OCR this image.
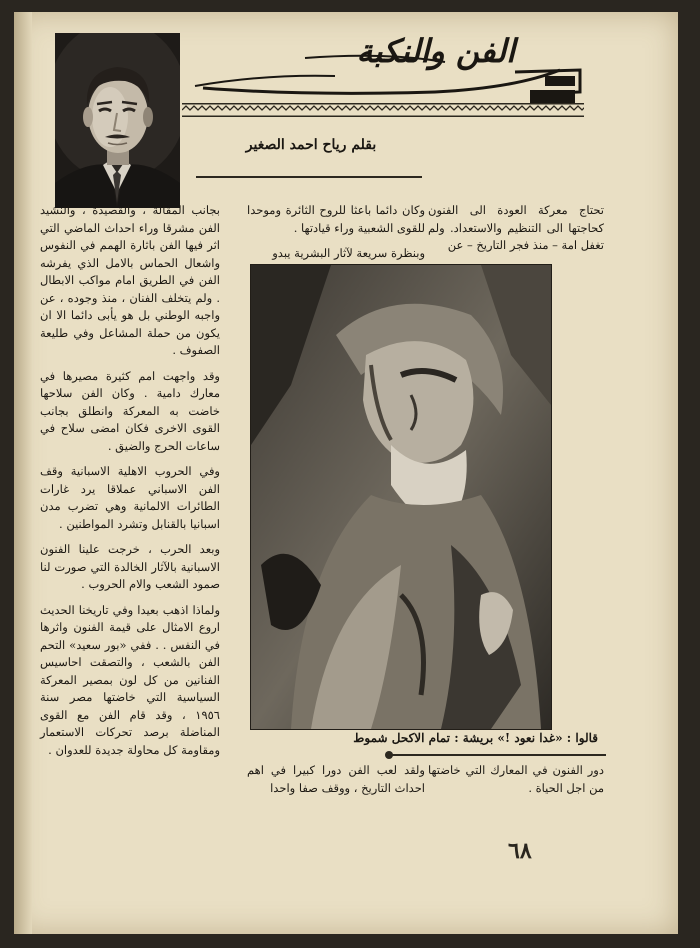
الفن والنكبة
بقلم رياح احمد الصغير

تحتاج معركة العودة الى الفنون كحاجتها الى التنظيم والاستعداد. ولم تغفل امة – منذ فجر التاريخ – عن

وكان دائما باعثا للروح الثائرة وموحدا للقوى الشعبية وراء قيادتها .

وبنظرة سريعة لآثار البشرية يبدو

بجانب المقالة ، والقصيدة ، والنشيد الفن مشرقا وراء احداث الماضي التي اثر فيها الفن باثارة الهمم في النفوس واشعال الحماس بالامل الذي يفرشه الفن في الطريق امام مواكب الابطال . ولم يتخلف الفنان ، منذ وجوده ، عن واجبه الوطني بل هو يأبى دائما الا ان يكون من حملة المشاعل وفي طليعة الصفوف .

وقد واجهت امم كثيرة مصيرها في معارك دامية . وكان الفن سلاحها خاضت به المعركة وانطلق بجانب القوى الاخرى فكان امضى سلاح في ساعات الحرج والضيق .

وفي الحروب الاهلية الاسبانية وقف الفن الاسباني عملاقا يرد غارات الطائرات الالمانية وهي تضرب مدن اسبانيا بالقنابل وتشرد المواطنين .

وبعد الحرب ، خرجت علينا الفنون الاسبانية بالآثار الخالدة التي صورت لنا صمود الشعب والام الحروب .

ولماذا اذهب بعيدا وفي تاريخنا الحديث اروع الامثال على قيمة الفنون واثرها في النفس . . ففي «بور سعيد» التحم الفن بالشعب ، والتصقت احاسيس الفنانين من كل لون بمصير المعركة السياسية التي خاضتها مصر سنة ١٩٥٦ ، وقد قام الفن مع القوى المناضلة برصد تحركات الاستعمار ومقاومة كل محاولة جديدة للعدوان .

قالوا : «غدا نعود !» بريشة : تمام الاكحل شموط

دور الفنون في المعارك التي خاضتها من اجل الحياة .

ولقد لعب الفن دورا كبيرا في اهم احداث التاريخ ، ووقف صفا واحدا

٦٨
